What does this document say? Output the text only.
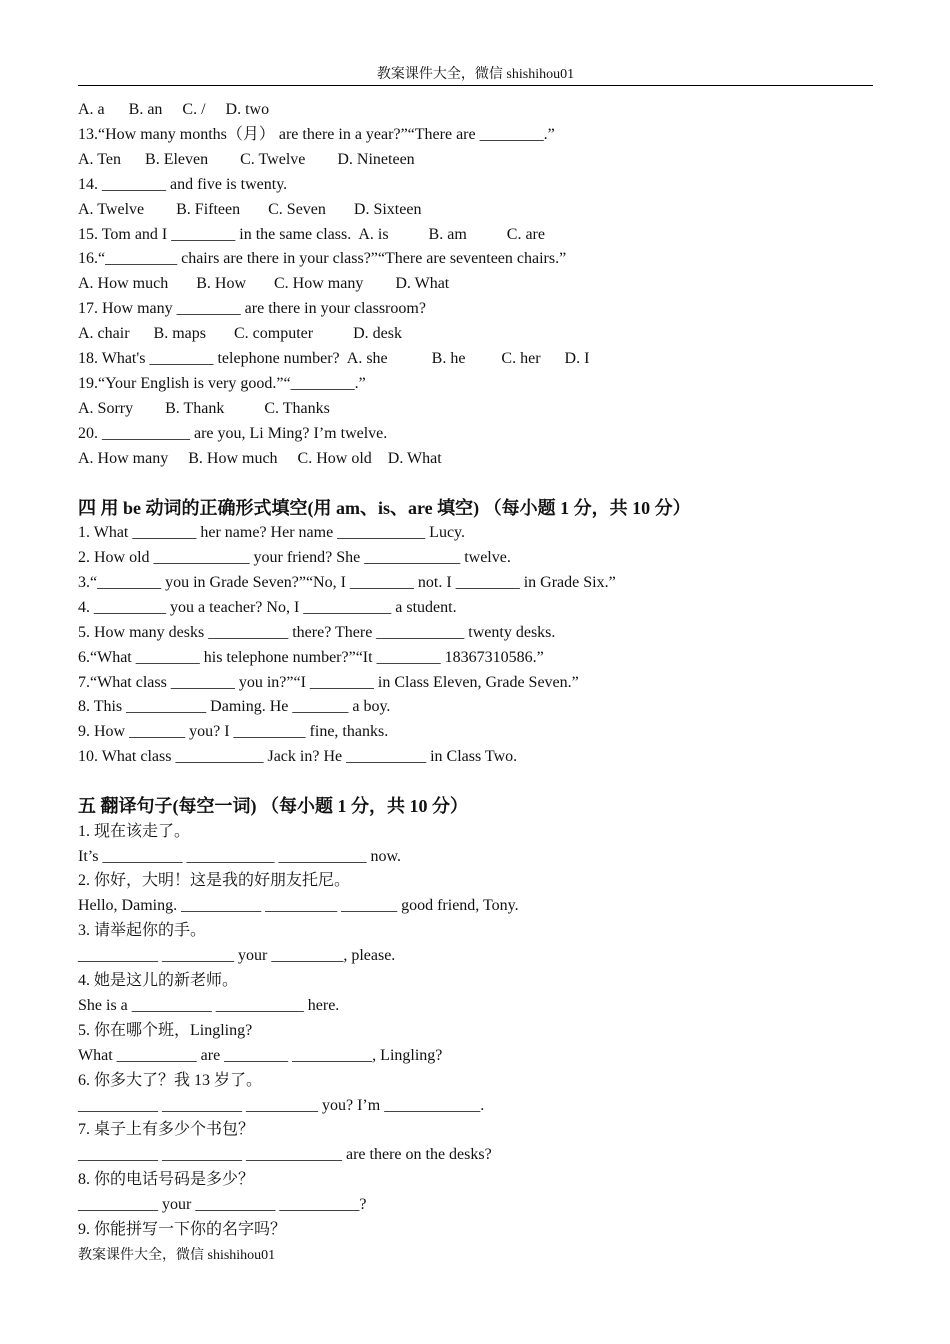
教案课件大全，微信 shishihou01
A. a      B. an     C. /     D. two
13.“How many months（月） are there in a year?”“There are ________.”
A. Ten      B. Eleven        C. Twelve        D. Nineteen
14. ________ and five is twenty.
A. Twelve        B. Fifteen       C. Seven       D. Sixteen
15. Tom and I ________ in the same class.  A. is          B. am          C. are
16.“_________ chairs are there in your class?”“There are seventeen chairs.”
A. How much       B. How       C. How many        D. What
17. How many ________ are there in your classroom?
A. chair      B. maps       C. computer          D. desk
18. What's ________ telephone number?  A. she           B. he         C. her      D. I
19.“Your English is very good.”“________.”
A. Sorry        B. Thank          C. Thanks
20. ___________ are you, Li Ming? I’m twelve.
A. How many     B. How much     C. How old    D. What
四 用 be 动词的正确形式填空(用 am、is、are 填空) （每小题 1 分，共 10 分）
1. What ________ her name? Her name ___________ Lucy.
2. How old ____________ your friend? She ____________ twelve.
3.“________ you in Grade Seven?”“No, I ________ not. I ________ in Grade Six.”
4. _________ you a teacher? No, I ___________ a student.
5. How many desks __________ there? There ___________ twenty desks.
6.“What ________ his telephone number?”“It ________ 18367310586.”
7.“What class ________ you in?”“I ________ in Class Eleven, Grade Seven.”
8. This __________ Daming. He _______ a boy.
9. How _______ you? I _________ fine, thanks.
10. What class ___________ Jack in? He __________ in Class Two.
五 翻译句子(每空一词) （每小题 1 分，共 10 分）
1. 现在该走了。
It’s __________ ___________ ___________ now.
2. 你好，大明！这是我的好朋友托尼。
Hello, Daming. __________ _________ _______ good friend, Tony.
3. 请举起你的手。
__________ _________ your _________, please.
4. 她是这儿的新老师。
She is a __________ ___________ here.
5. 你在哪个班，Lingling?
What __________ are ________ __________, Lingling?
6. 你多大了？我 13 岁了。
__________ __________ _________ you? I’m ____________.
7. 桌子上有多少个书包？
__________ __________ ____________ are there on the desks?
8. 你的电话号码是多少？
__________ your __________ __________?
9. 你能拼写一下你的名字吗？
教案课件大全，微信 shishihou01
